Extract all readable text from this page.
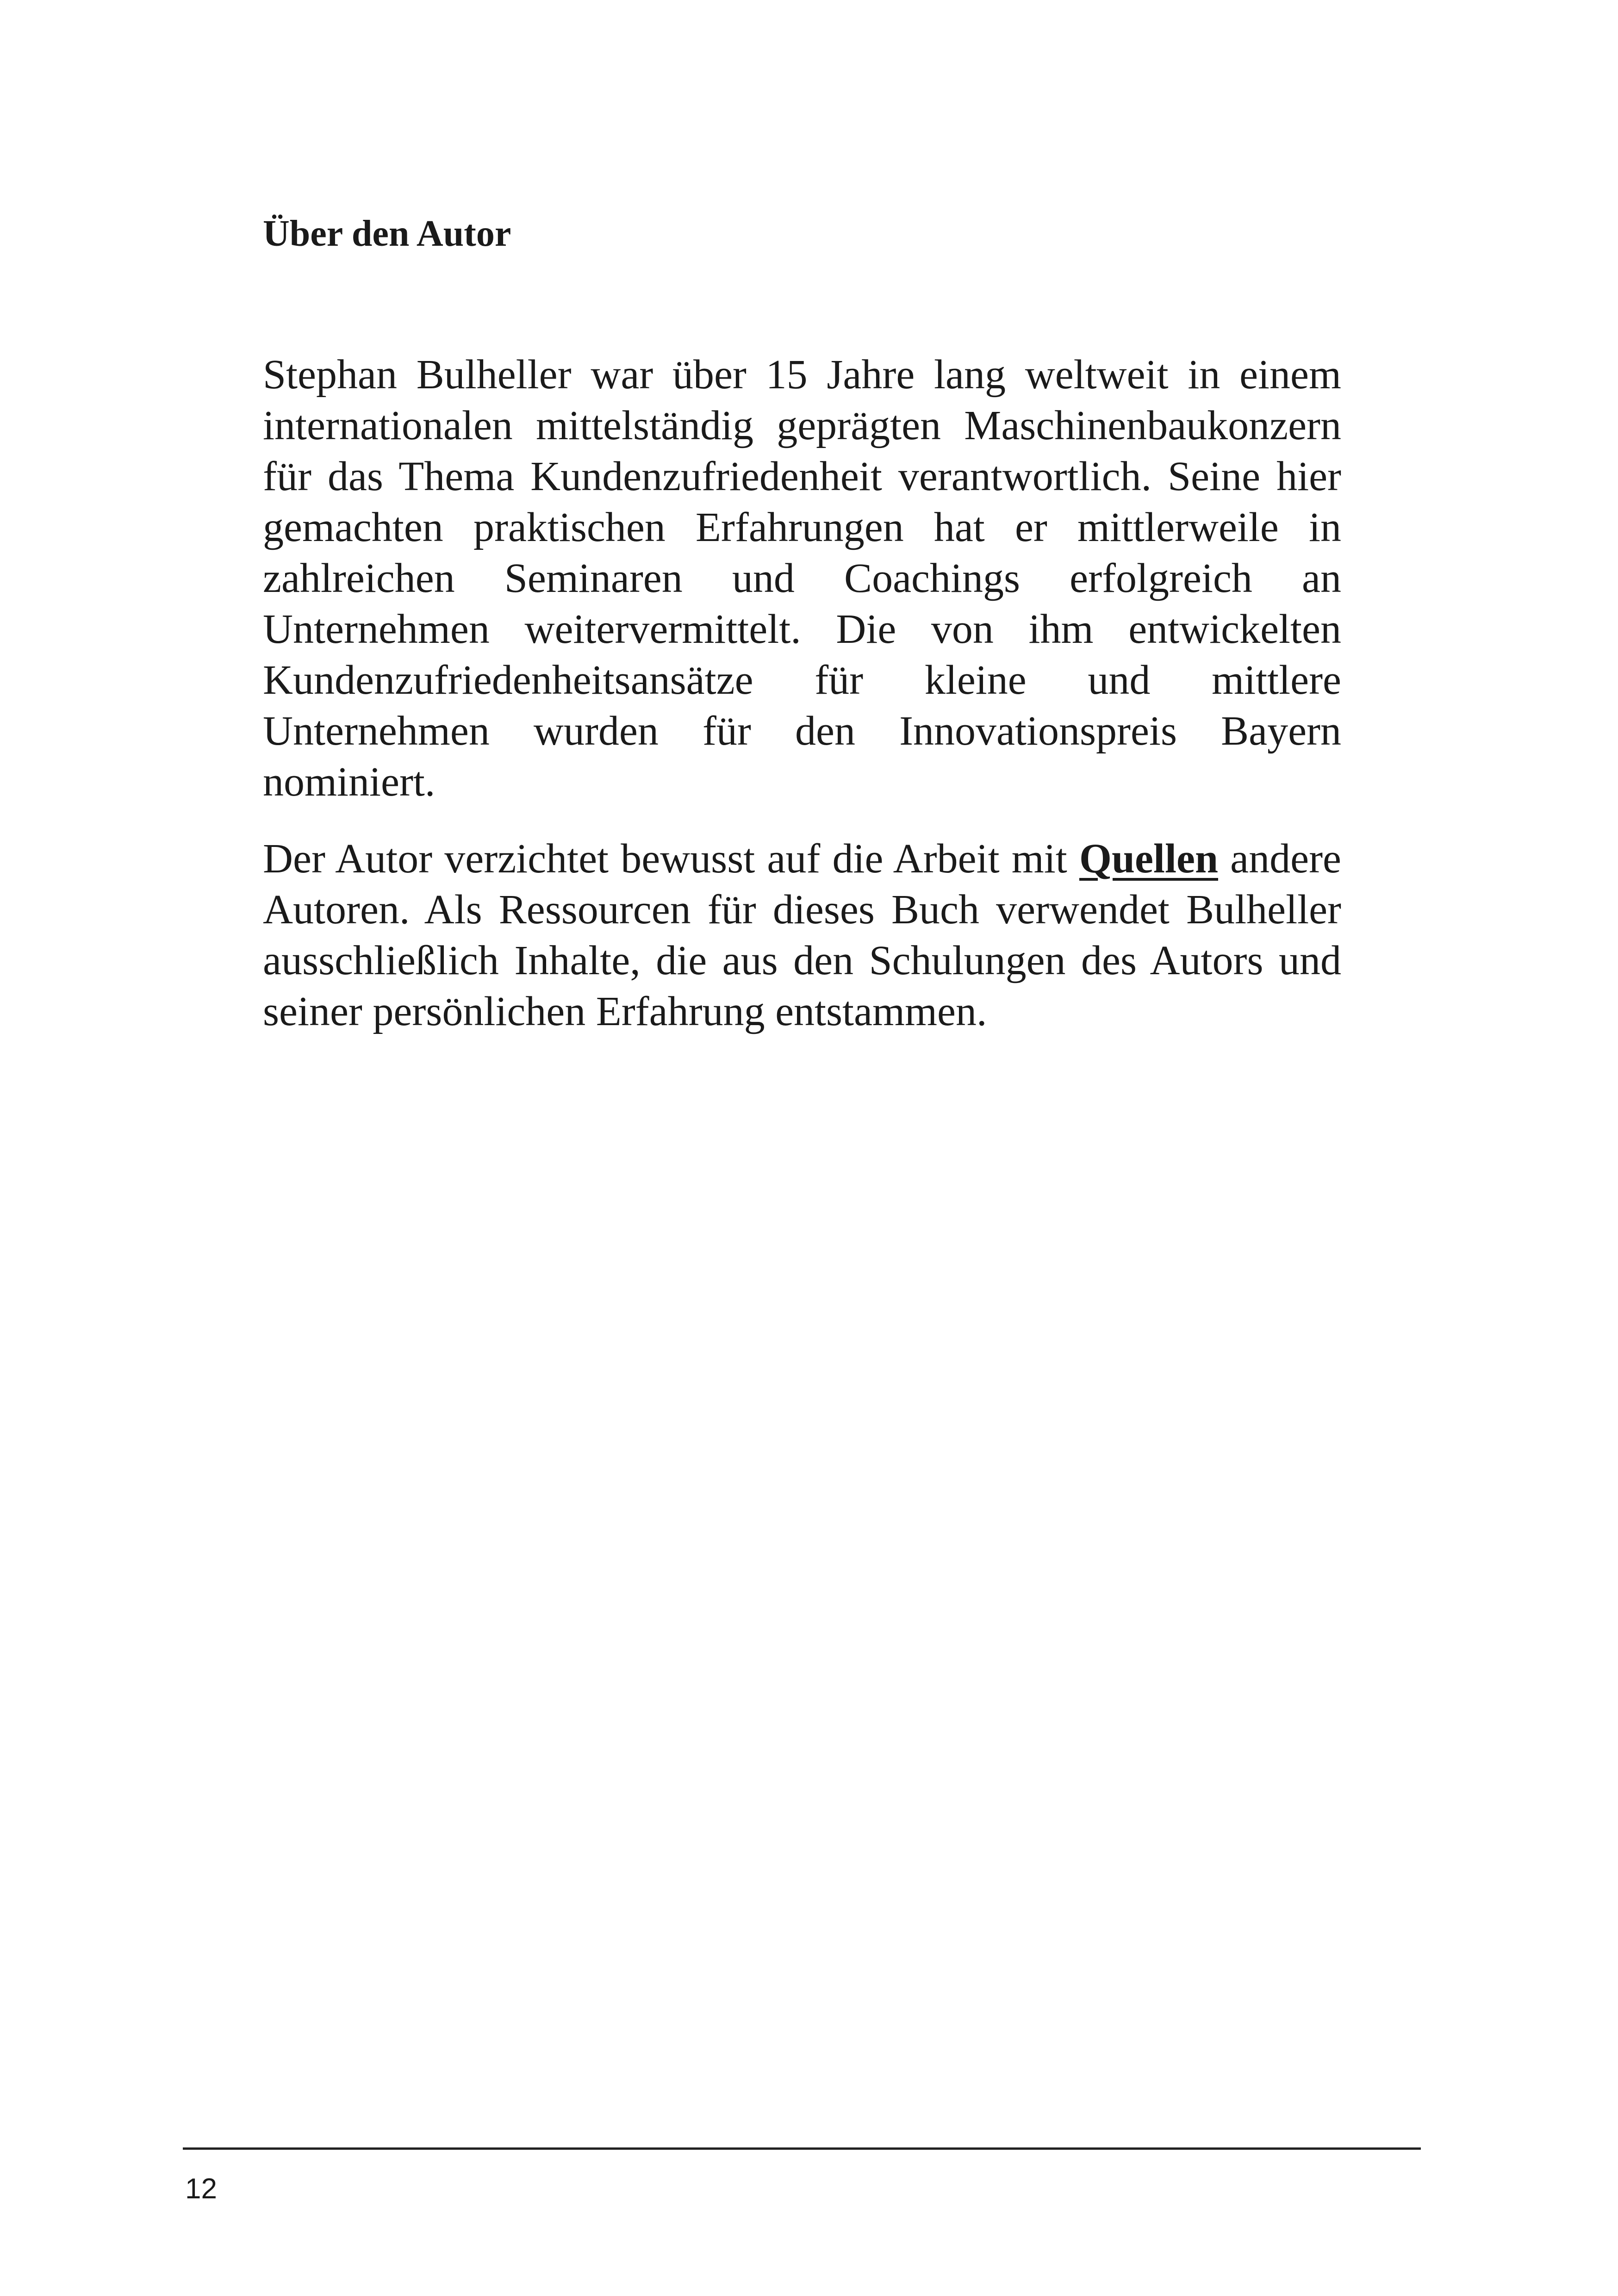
Über den Autor

Stephan Bulheller war über 15 Jahre lang weltweit in einem internationalen mittelständig geprägten Maschinenbaukonzern für das Thema Kundenzufriedenheit verantwortlich. Seine hier gemachten praktischen Erfahrungen hat er mittlerweile in zahlreichen Seminaren und Coachings erfolgreich an Unternehmen weitervermittelt. Die von ihm entwickelten Kundenzufriedenheitsansätze für kleine und mittlere Unternehmen wurden für den Innovationspreis Bayern nominiert.

Der Autor verzichtet bewusst auf die Arbeit mit Quellen andere Autoren. Als Ressourcen für dieses Buch verwendet Bulheller ausschließlich Inhalte, die aus den Schulungen des Autors und seiner persönlichen Erfahrung entstammen.

12
